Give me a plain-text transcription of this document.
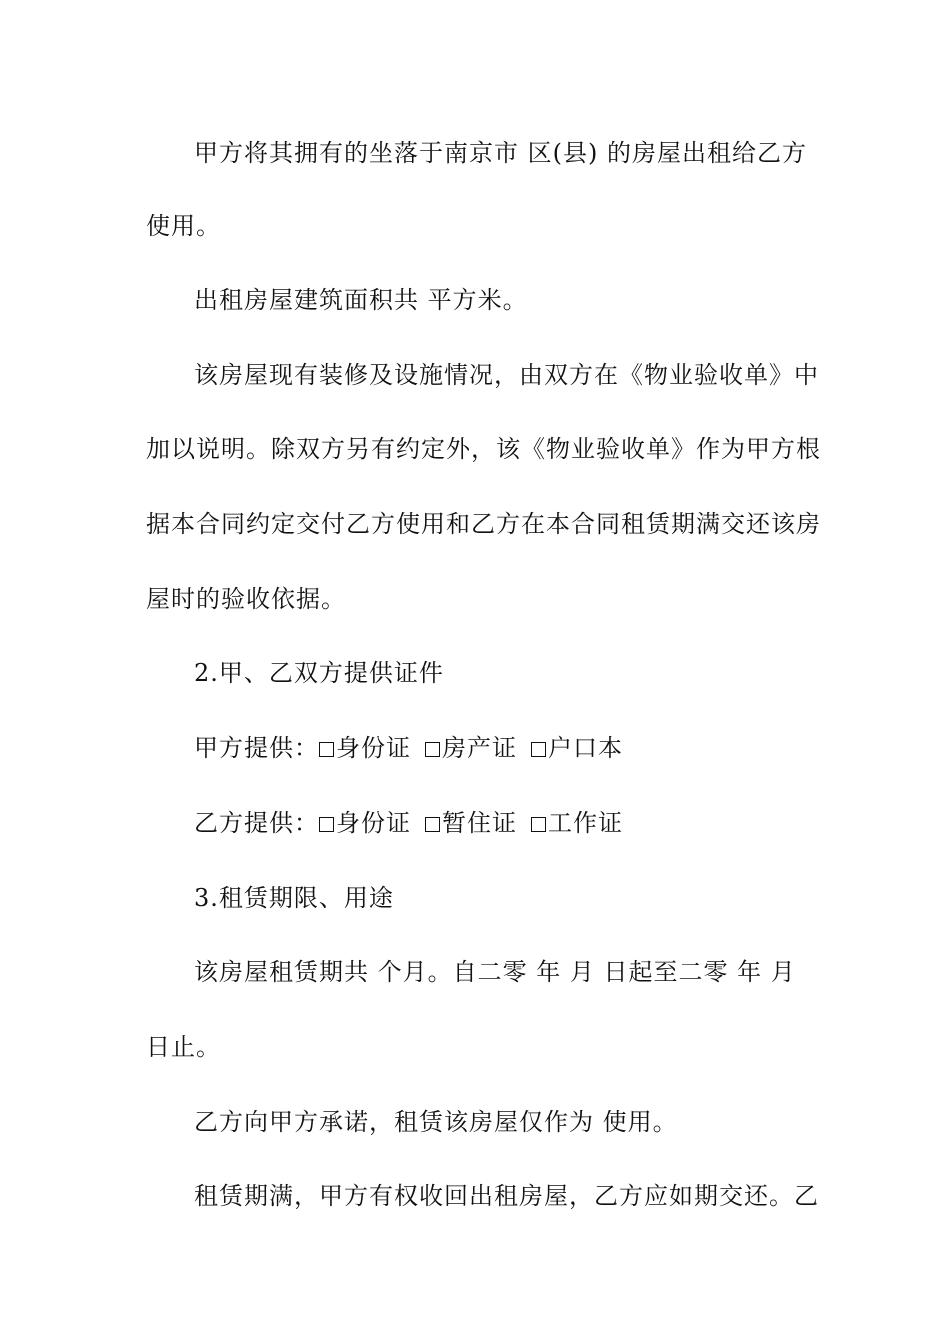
甲方将其拥有的坐落于南京市 区(县) 的房屋出租给乙方
使用。
出租房屋建筑面积共 平方米。
该房屋现有装修及设施情况，由双方在《物业验收单》中
加以说明。除双方另有约定外，该《物业验收单》作为甲方根
据本合同约定交付乙方使用和乙方在本合同租赁期满交还该房
屋时的验收依据。
2.甲、乙双方提供证件
甲方提供： 身份证 房产证 户口本
乙方提供： 身份证 暂住证 工作证
3.租赁期限、用途
该房屋租赁期共 个月。自二零 年 月 日起至二零 年 月
日止。
乙方向甲方承诺，租赁该房屋仅作为 使用。
租赁期满，甲方有权收回出租房屋，乙方应如期交还。乙
